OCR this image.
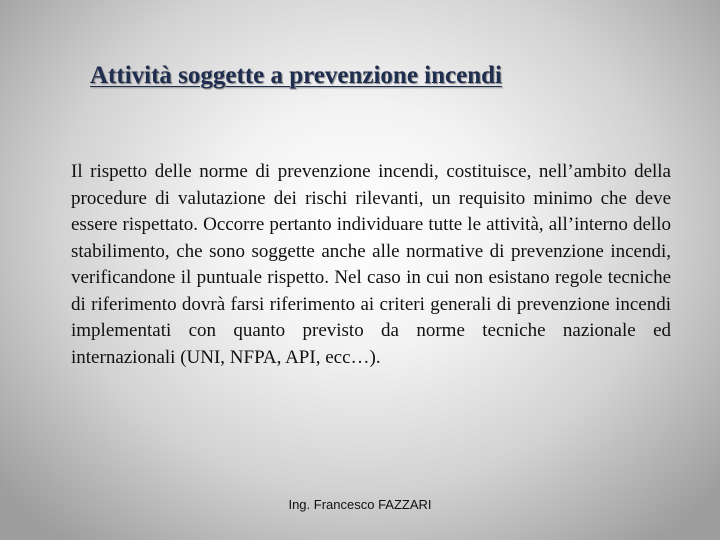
Attività soggette a prevenzione incendi

Il rispetto delle norme di prevenzione incendi, costituisce, nell’ambito della procedure di valutazione dei rischi rilevanti, un requisito minimo che deve essere rispettato. Occorre pertanto individuare tutte le attività, all’interno dello stabilimento, che sono soggette anche alle normative di prevenzione incendi, verificandone il puntuale rispetto. Nel caso in cui non esistano regole tecniche di riferimento dovrà farsi riferimento ai criteri generali di prevenzione incendi implementati con quanto previsto da norme tecniche nazionale ed internazionali (UNI, NFPA, API, ecc…).

Ing. Francesco FAZZARI
